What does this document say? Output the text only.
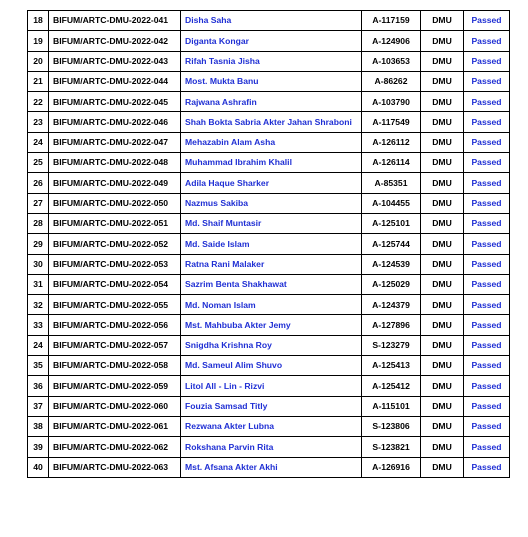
18	BIFUM/ARTC-DMU-2022-041	Disha Saha	A-117159	DMU	Passed
19	BIFUM/ARTC-DMU-2022-042	Diganta Kongar	A-124906	DMU	Passed
20	BIFUM/ARTC-DMU-2022-043	Rifah Tasnia Jisha	A-103653	DMU	Passed
21	BIFUM/ARTC-DMU-2022-044	Most. Mukta Banu	A-86262	DMU	Passed
22	BIFUM/ARTC-DMU-2022-045	Rajwana Ashrafin	A-103790	DMU	Passed
23	BIFUM/ARTC-DMU-2022-046	Shah Bokta Sabria Akter Jahan Shraboni	A-117549	DMU	Passed
24	BIFUM/ARTC-DMU-2022-047	Mehazabin Alam Asha	A-126112	DMU	Passed
25	BIFUM/ARTC-DMU-2022-048	Muhammad Ibrahim Khalil	A-126114	DMU	Passed
26	BIFUM/ARTC-DMU-2022-049	Adila Haque Sharker	A-85351	DMU	Passed
27	BIFUM/ARTC-DMU-2022-050	Nazmus Sakiba	A-104455	DMU	Passed
28	BIFUM/ARTC-DMU-2022-051	Md. Shaif Muntasir	A-125101	DMU	Passed
29	BIFUM/ARTC-DMU-2022-052	Md. Saide Islam	A-125744	DMU	Passed
30	BIFUM/ARTC-DMU-2022-053	Ratna Rani Malaker	A-124539	DMU	Passed
31	BIFUM/ARTC-DMU-2022-054	Sazrim Benta Shakhawat	A-125029	DMU	Passed
32	BIFUM/ARTC-DMU-2022-055	Md. Noman Islam	A-124379	DMU	Passed
33	BIFUM/ARTC-DMU-2022-056	Mst. Mahbuba Akter Jemy	A-127896	DMU	Passed
24	BIFUM/ARTC-DMU-2022-057	Snigdha Krishna Roy	S-123279	DMU	Passed
35	BIFUM/ARTC-DMU-2022-058	Md. Sameul Alim Shuvo	A-125413	DMU	Passed
36	BIFUM/ARTC-DMU-2022-059	Litol All - Lin - Rizvi	A-125412	DMU	Passed
37	BIFUM/ARTC-DMU-2022-060	Fouzia Samsad Titly	A-115101	DMU	Passed
38	BIFUM/ARTC-DMU-2022-061	Rezwana Akter Lubna	S-123806	DMU	Passed
39	BIFUM/ARTC-DMU-2022-062	Rokshana Parvin Rita	S-123821	DMU	Passed
40	BIFUM/ARTC-DMU-2022-063	Mst. Afsana Akter Akhi	A-126916	DMU	Passed
